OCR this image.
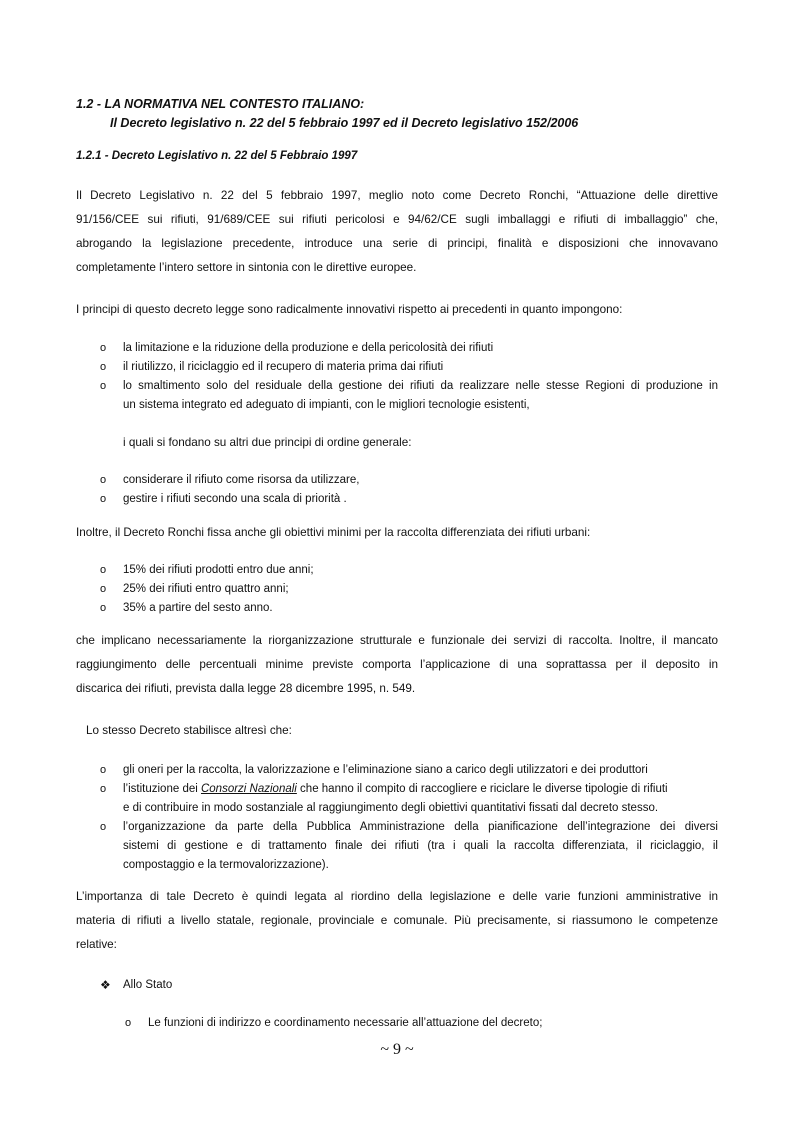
1.2 - LA NORMATIVA NEL CONTESTO ITALIANO:
Il Decreto legislativo n. 22 del 5 febbraio 1997 ed il Decreto legislativo 152/2006
1.2.1 - Decreto Legislativo n. 22 del 5 Febbraio 1997
Il Decreto Legislativo n. 22 del 5 febbraio 1997, meglio noto come Decreto Ronchi, “Attuazione delle direttive
91/156/CEE sui rifiuti, 91/689/CEE sui rifiuti pericolosi e 94/62/CE sugli imballaggi e rifiuti di imballaggio” che,
abrogando la legislazione precedente, introduce una serie di principi, finalità e disposizioni che innovavano
completamente l’intero settore in sintonia con le direttive europee.
I principi di questo decreto legge sono radicalmente innovativi rispetto ai precedenti in quanto impongono:
o la limitazione e la riduzione della produzione e della pericolosità dei rifiuti
o il riutilizzo, il riciclaggio ed il recupero di materia prima dai rifiuti
o lo smaltimento solo del residuale della gestione dei rifiuti da realizzare nelle stesse Regioni di produzione in
un sistema integrato ed adeguato di impianti, con le migliori tecnologie esistenti,
i quali si fondano su altri due principi di ordine generale:
o considerare il rifiuto come risorsa da utilizzare,
o gestire i rifiuti secondo una scala di priorità .
Inoltre, il Decreto Ronchi fissa anche gli obiettivi minimi per la raccolta differenziata dei rifiuti urbani:
o 15% dei rifiuti prodotti entro due anni;
o 25% dei rifiuti entro quattro anni;
o 35% a partire del sesto anno.
che implicano necessariamente la riorganizzazione strutturale e funzionale dei servizi di raccolta. Inoltre, il mancato
raggiungimento delle percentuali minime previste comporta l’applicazione di una soprattassa per il deposito in
discarica dei rifiuti, prevista dalla legge 28 dicembre 1995, n. 549.
Lo stesso Decreto stabilisce altresì che:
o gli oneri per la raccolta, la valorizzazione e l’eliminazione siano a carico degli utilizzatori e dei produttori
o l’istituzione dei Consorzi Nazionali che hanno il compito di raccogliere e riciclare le diverse tipologie di rifiuti
e di contribuire in modo sostanziale al raggiungimento degli obiettivi quantitativi fissati dal decreto stesso.
o l’organizzazione da parte della Pubblica Amministrazione della pianificazione dell’integrazione dei diversi
sistemi di gestione e di trattamento finale dei rifiuti (tra i quali la raccolta differenziata, il riciclaggio, il
compostaggio e la termovalorizzazione).
L’importanza di tale Decreto è quindi legata al riordino della legislazione e delle varie funzioni amministrative in
materia di rifiuti a livello statale, regionale, provinciale e comunale. Più precisamente, si riassumono le competenze
relative:
❖ Allo Stato
o Le funzioni di indirizzo e coordinamento necessarie all’attuazione del decreto;
~ 9 ~
